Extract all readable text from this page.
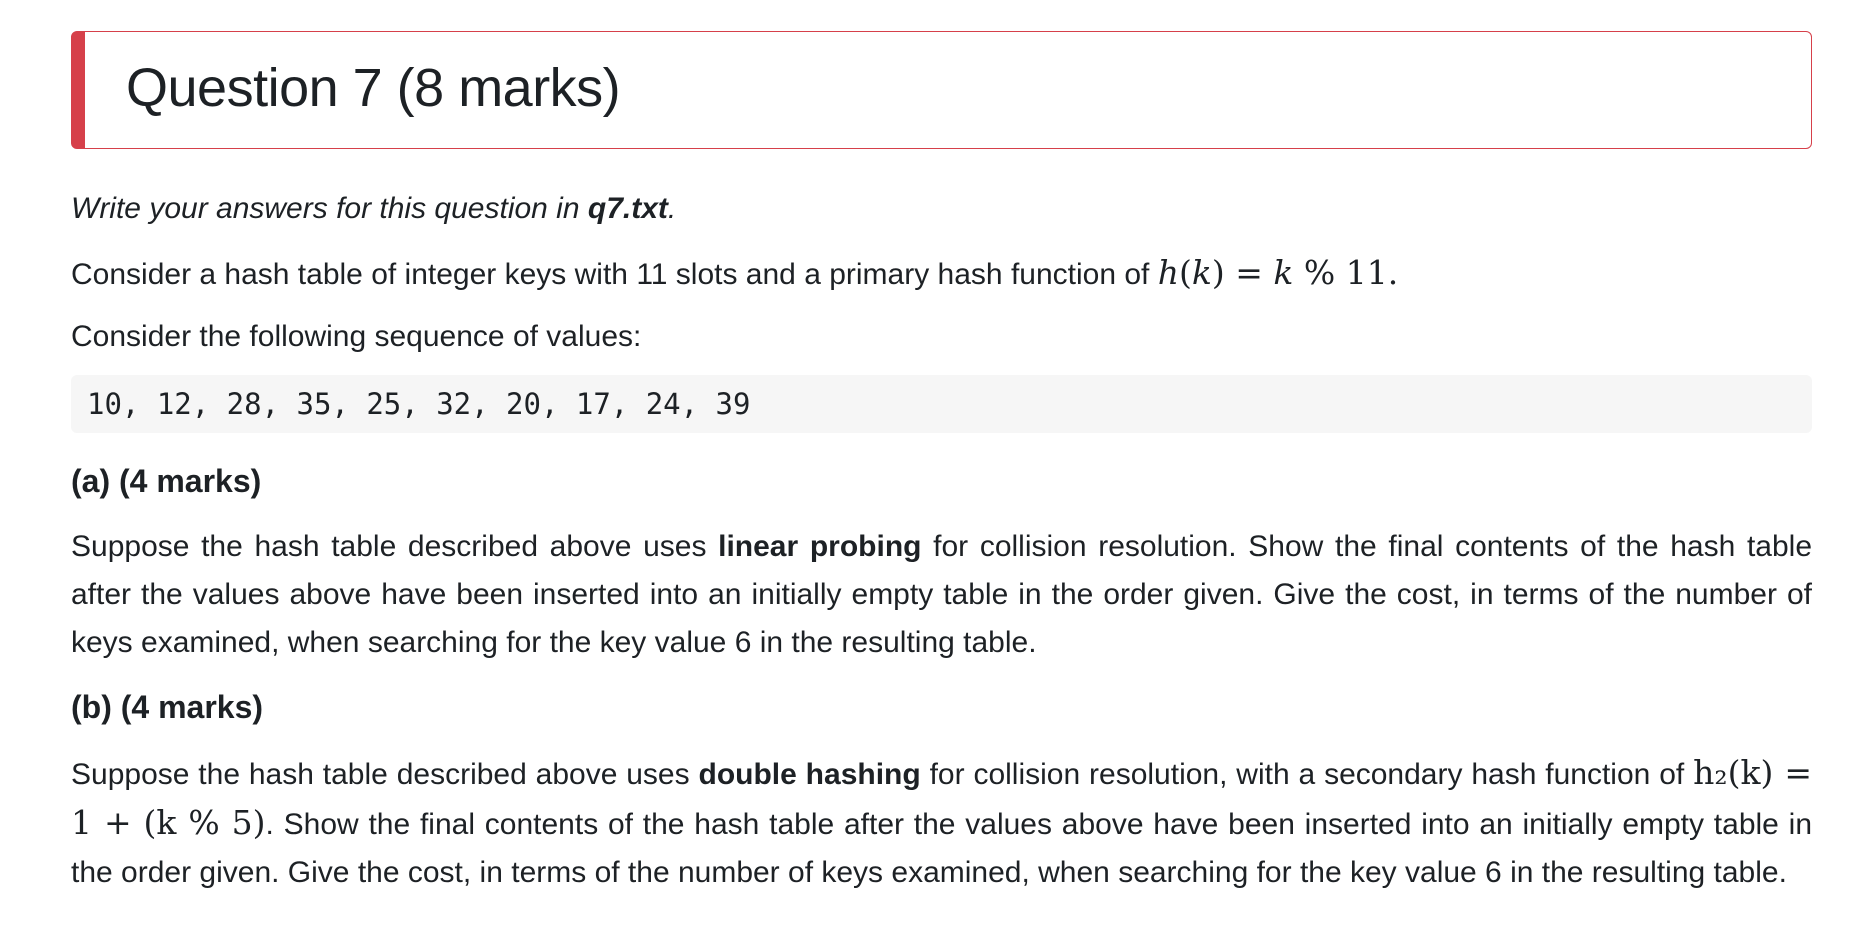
Question 7 (8 marks)

Write your answers for this question in q7.txt.

Consider a hash table of integer keys with 11 slots and a primary hash function of h(k) = k % 11.

Consider the following sequence of values:

10, 12, 28, 35, 25, 32, 20, 17, 24, 39
(a) (4 marks)

Suppose the hash table described above uses linear probing for collision resolution. Show the final contents of the hash table after the values above have been inserted into an initially empty table in the order given. Give the cost, in terms of the number of keys examined, when searching for the key value 6 in the resulting table.

(b) (4 marks)

Suppose the hash table described above uses double hashing for collision resolution, with a secondary hash function of h₂(k) = 1 + (k % 5). Show the final contents of the hash table after the values above have been inserted into an initially empty table in the order given. Give the cost, in terms of the number of keys examined, when searching for the key value 6 in the resulting table.
